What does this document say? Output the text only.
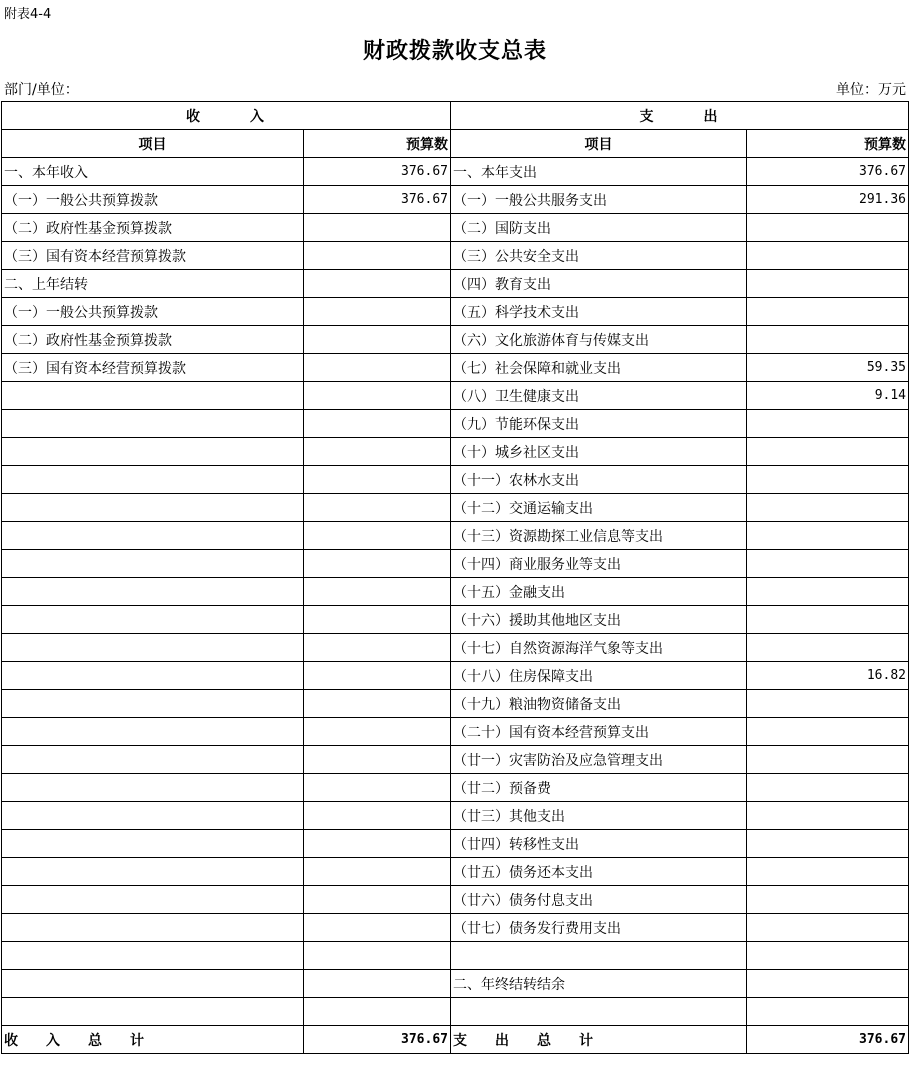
附表4-4
财政拨款收支总表
部门/单位：	单位：万元
收　　　入		支　　　出	
项目	预算数	项目	预算数
一、本年收入	376.67	一、本年支出	376.67
（一）一般公共预算拨款	376.67	（一）一般公共服务支出	291.36
（二）政府性基金预算拨款		（二）国防支出	
（三）国有资本经营预算拨款		（三）公共安全支出	
二、上年结转		（四）教育支出	
（一）一般公共预算拨款		（五）科学技术支出	
（二）政府性基金预算拨款		（六）文化旅游体育与传媒支出	
（三）国有资本经营预算拨款		（七）社会保障和就业支出	59.35
		（八）卫生健康支出	9.14
		（九）节能环保支出	
		（十）城乡社区支出	
		（十一）农林水支出	
		（十二）交通运输支出	
		（十三）资源勘探工业信息等支出	
		（十四）商业服务业等支出	
		（十五）金融支出	
		（十六）援助其他地区支出	
		（十七）自然资源海洋气象等支出	
		（十八）住房保障支出	16.82
		（十九）粮油物资储备支出	
		（二十）国有资本经营预算支出	
		（廿一）灾害防治及应急管理支出	
		（廿二）预备费	
		（廿三）其他支出	
		（廿四）转移性支出	
		（廿五）债务还本支出	
		（廿六）债务付息支出	
		（廿七）债务发行费用支出	

		二、年终结转结余	

收　　入　　总　　计	376.67	支　　出　　总　　计	376.67
